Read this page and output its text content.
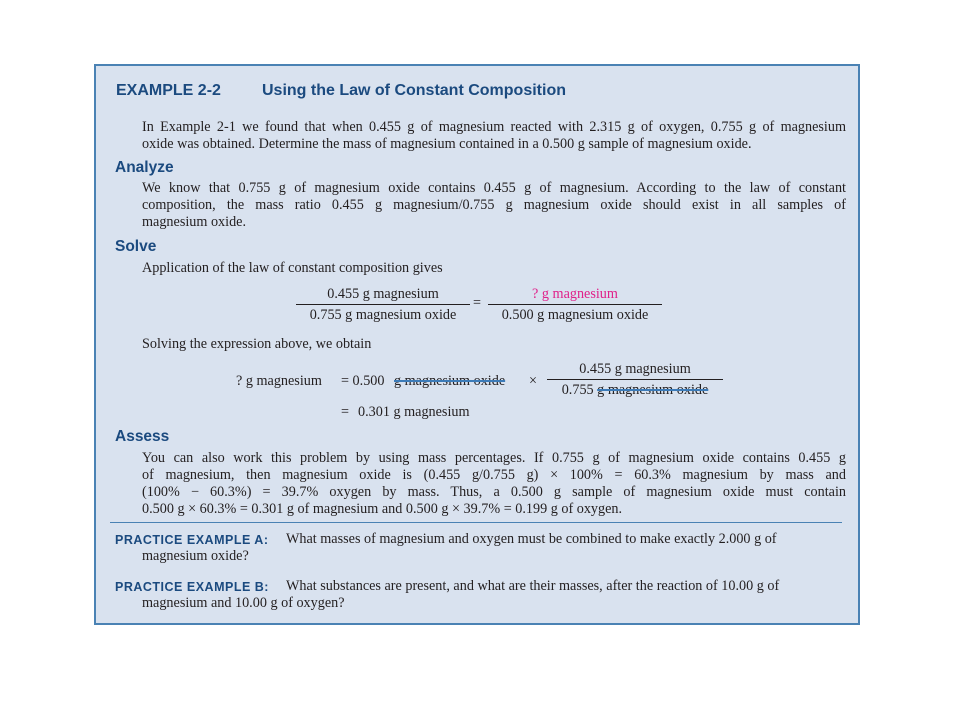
EXAMPLE 2-2	Using the Law of Constant Composition
In Example 2-1 we found that when 0.455 g of magnesium reacted with 2.315 g of oxygen, 0.755 g of magnesium
oxide was obtained. Determine the mass of magnesium contained in a 0.500 g sample of magnesium oxide.
Analyze
We know that 0.755 g of magnesium oxide contains 0.455 g of magnesium. According to the law of constant
composition, the mass ratio 0.455 g magnesium/0.755 g magnesium oxide should exist in all samples of
magnesium oxide.
Solve
Application of the law of constant composition gives
0.455 g magnesium
0.755 g magnesium oxide
=
? g magnesium
0.500 g magnesium oxide
Solving the expression above, we obtain
? g magnesium = 0.500 g magnesium oxide ×
0.455 g magnesium
0.755 g magnesium oxide
= 0.301 g magnesium
Assess
You can also work this problem by using mass percentages. If 0.755 g of magnesium oxide contains 0.455 g
of magnesium, then magnesium oxide is (0.455 g/0.755 g) × 100% = 60.3% magnesium by mass and
(100% − 60.3%) = 39.7% oxygen by mass. Thus, a 0.500 g sample of magnesium oxide must contain
0.500 g × 60.3% = 0.301 g of magnesium and 0.500 g × 39.7% = 0.199 g of oxygen.
PRACTICE EXAMPLE A: What masses of magnesium and oxygen must be combined to make exactly 2.000 g of
magnesium oxide?
PRACTICE EXAMPLE B: What substances are present, and what are their masses, after the reaction of 10.00 g of
magnesium and 10.00 g of oxygen?
